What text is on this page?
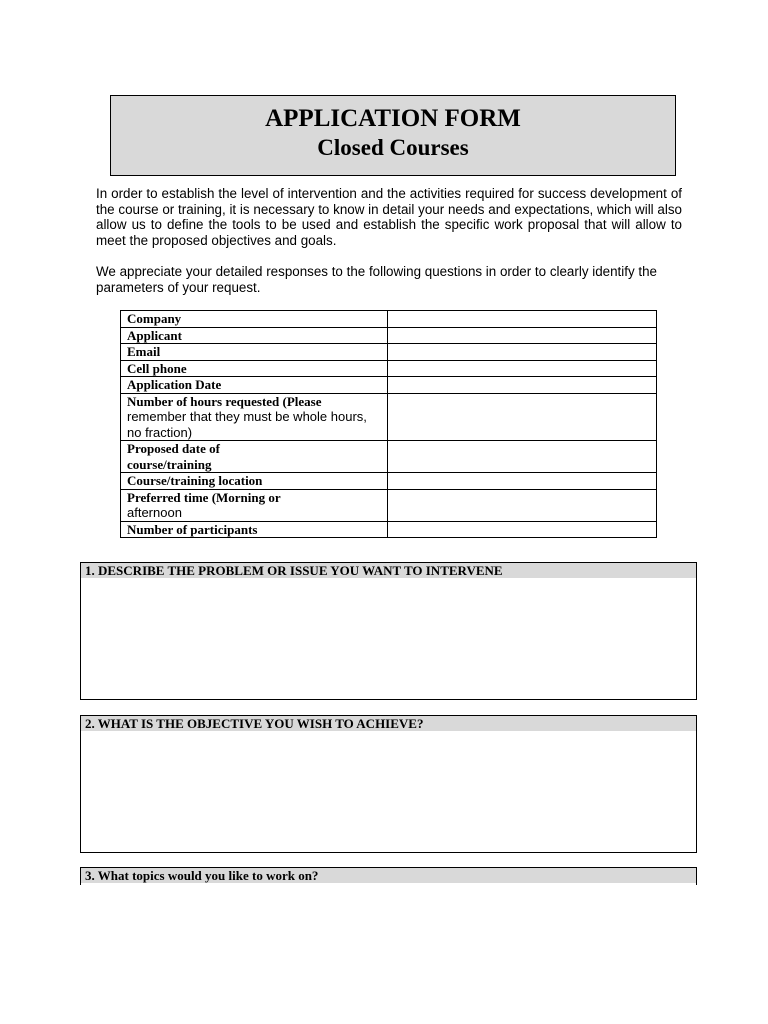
APPLICATION FORM
Closed Courses

In order to establish the level of intervention and the activities required for success development of the course or training, it is necessary to know in detail your needs and expectations, which will also allow us to define the tools to be used and establish the specific work proposal that will allow to meet the proposed objectives and goals.

We appreciate your detailed responses to the following questions in order to clearly identify the parameters of your request.

Company	
Applicant	
Email	
Cell phone	
Application Date	
Number of hours requested (Please
remember that they must be whole hours, no fraction)	

Proposed date of course/training	

Course/training location	
Preferred time (Morning or
afternoon	
Number of participants	
1. DESCRIBE THE PROBLEM OR ISSUE YOU WANT TO INTERVENE
2. WHAT IS THE OBJECTIVE YOU WISH TO ACHIEVE?
3. What topics would you like to work on?
